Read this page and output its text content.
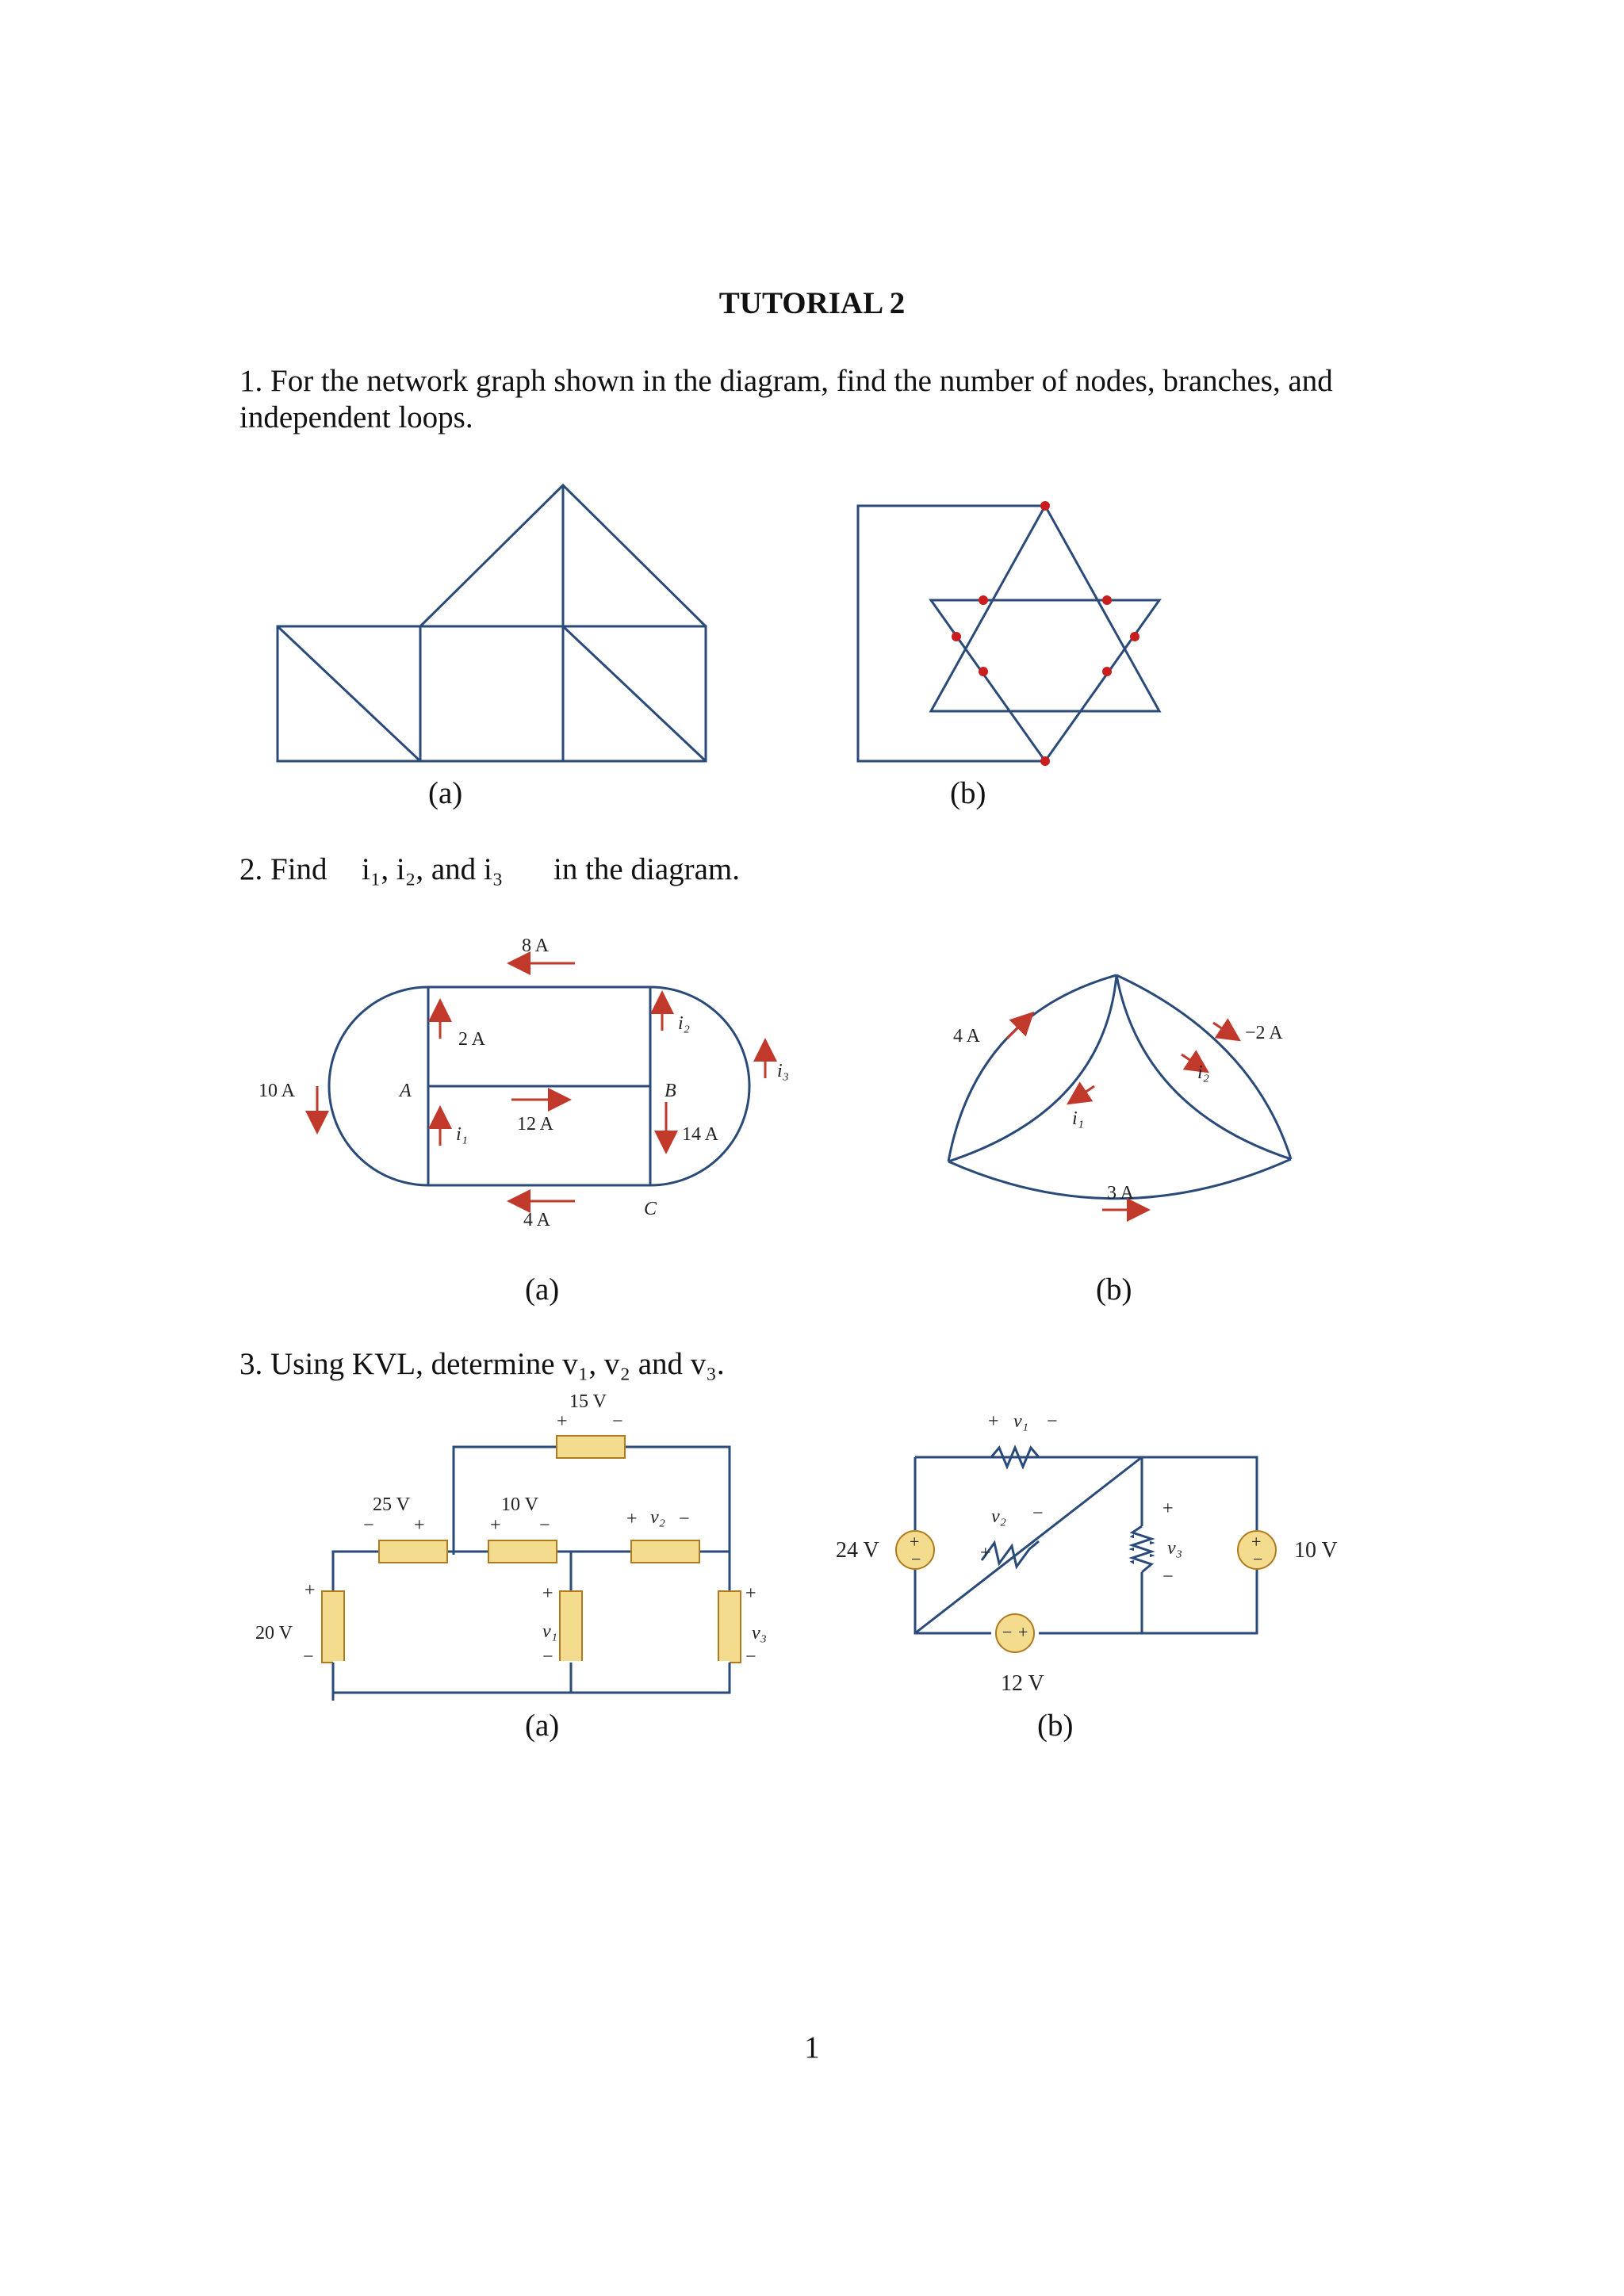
TUTORIAL 2
1. For the network graph shown in the diagram, find the number of nodes, branches, and
independent loops.
(a)	(b)
2. Find i₁, i₂, and i₃ in the diagram.
8 A
10 A
2 A
A	B
C
12 A
i₁
i₂
i₃
14 A
4 A
(a)
4 A	−2 A
i₁
i₂
3 A
(b)
3. Using KVL, determine v₁, v₂ and v₃.
15 V
+ −
25 V
− +
10 V
+ −	+ v₂ −
+
20 V
−
+
v₁
−
+
v₃
−
(a)
+ v₁ −
v₂ −
+
+
v₃
−
24 V	10 V
12 V
+
−
+
−
− +
(b)
1
